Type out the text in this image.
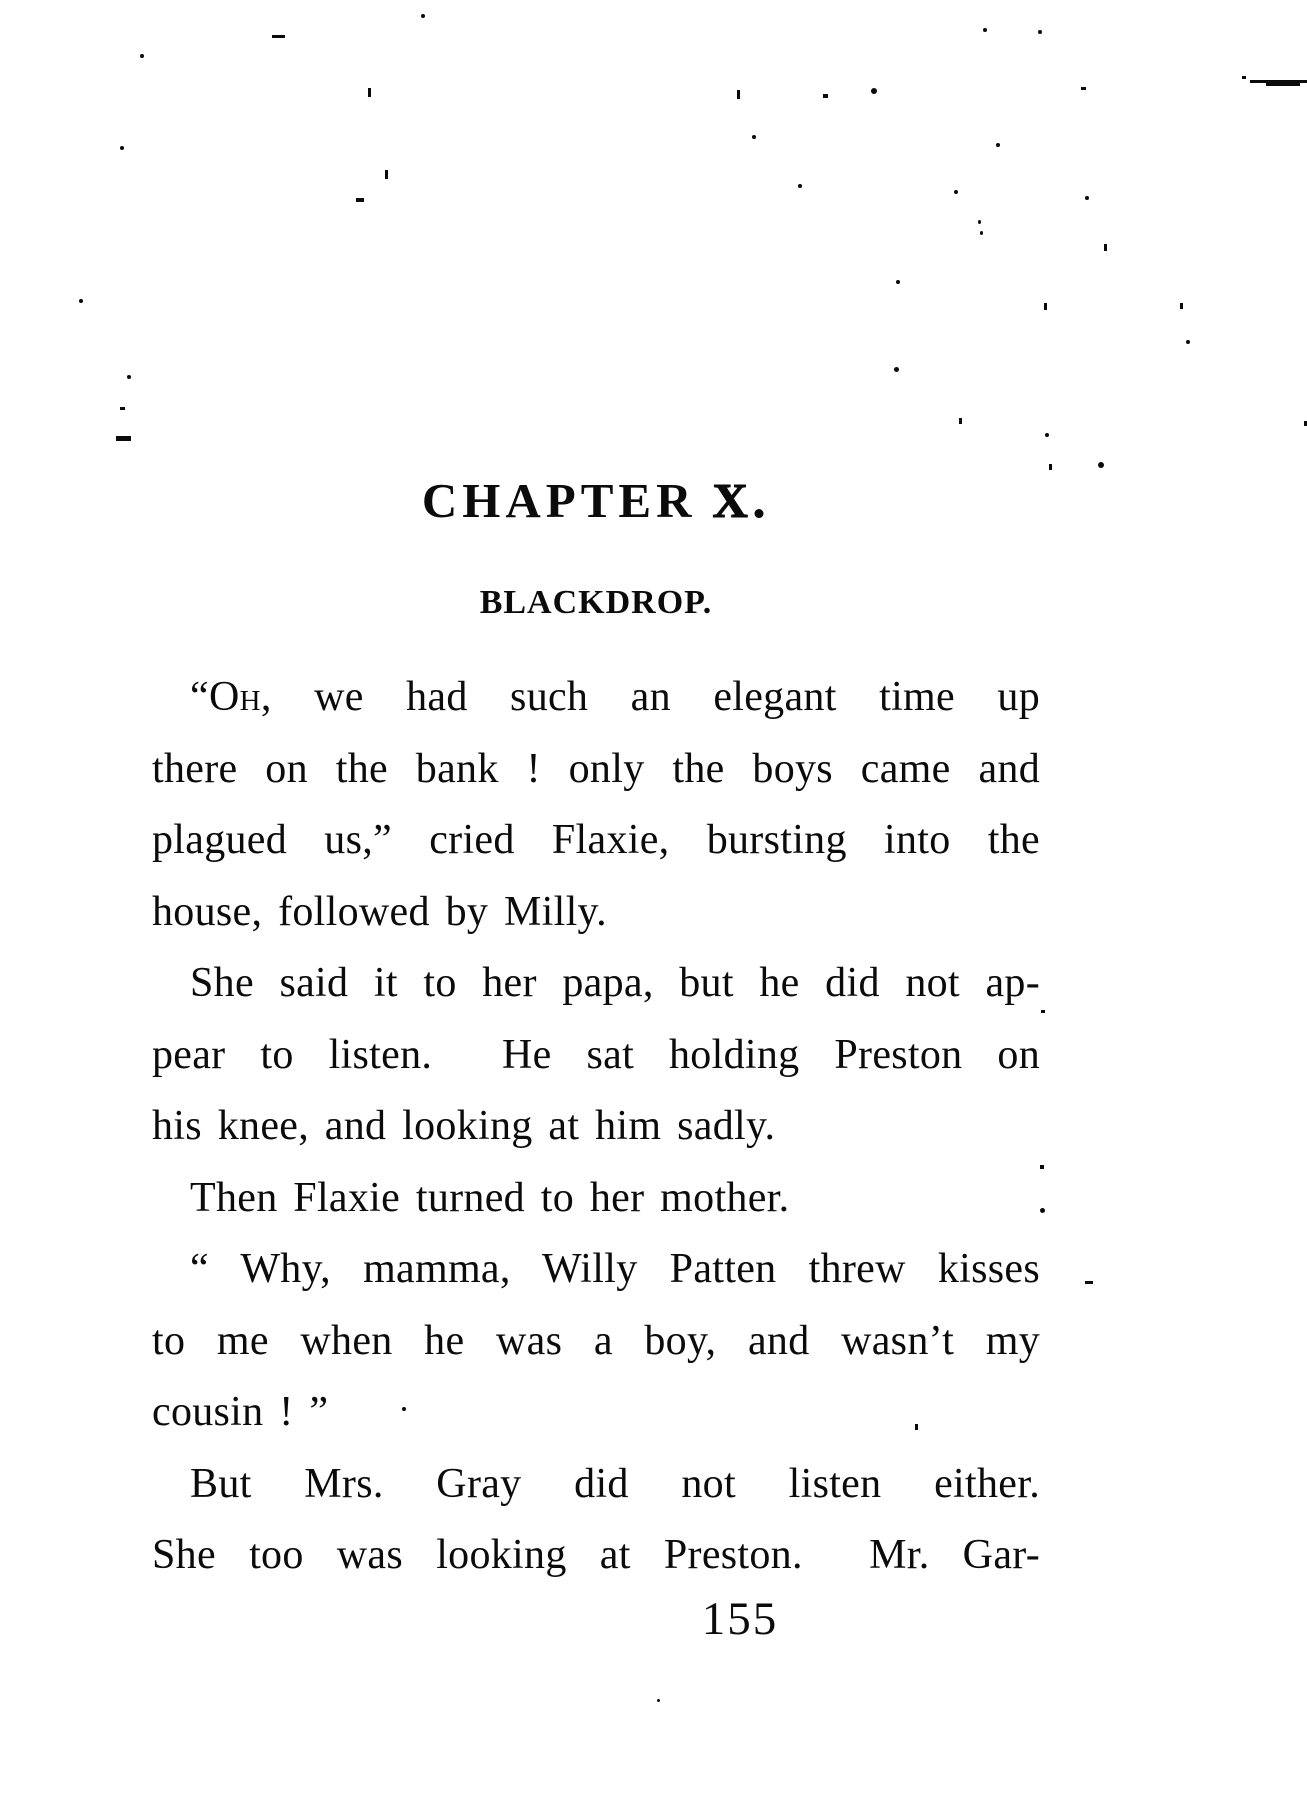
CHAPTER X.
BLACKDROP.
“Oh, we had such an elegant time up
there on the bank ! only the boys came and
plagued us,” cried Flaxie, bursting into the
house, followed by Milly.
She said it to her papa, but he did not ap-
pear to listen.  He sat holding Preston on
his knee, and looking at him sadly.
Then Flaxie turned to her mother.
“ Why, mamma, Willy Patten threw kisses
to me when he was a boy, and wasn’t my
cousin ! ”
But Mrs. Gray did not listen either.
She too was looking at Preston.  Mr. Gar-
155
